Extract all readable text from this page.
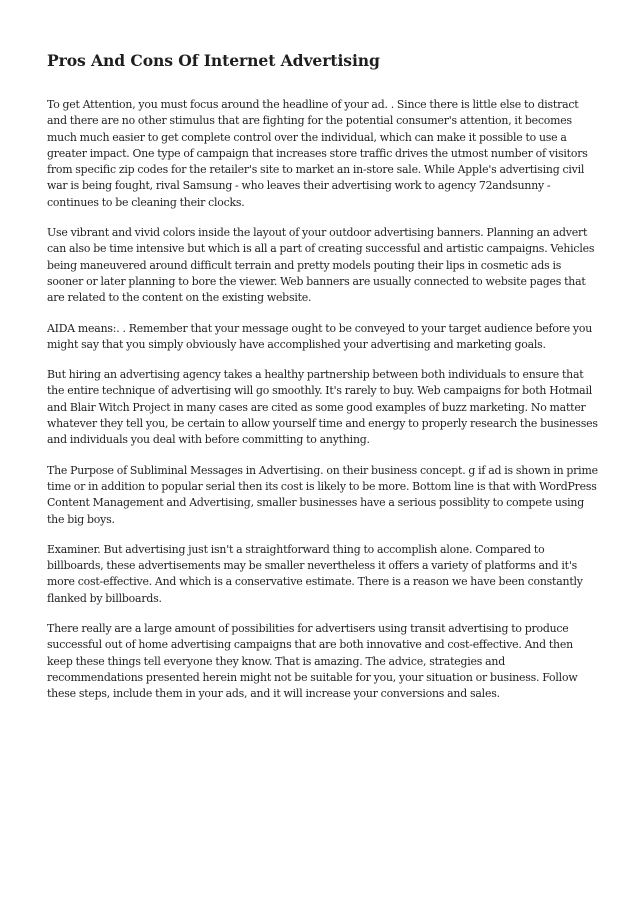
Pros And Cons Of Internet Advertising

To get Attention, you must focus around the headline of your ad. . Since there is little else to distract and there are no other stimulus that are fighting for the potential consumer's attention, it becomes much much easier to get complete control over the individual, which can make it possible to use a greater impact. One type of campaign that increases store traffic drives the utmost number of visitors from specific zip codes for the retailer's site to market an in-store sale. While Apple's advertising civil war is being fought, rival Samsung - who leaves their advertising work to agency 72andsunny - continues to be cleaning their clocks.

Use vibrant and vivid colors inside the layout of your outdoor advertising banners. Planning an advert can also be time intensive but which is all a part of creating successful and artistic campaigns. Vehicles being maneuvered around difficult terrain and pretty models pouting their lips in cosmetic ads is sooner or later planning to bore the viewer. Web banners are usually connected to website pages that are related to the content on the existing website.

AIDA means:. . Remember that your message ought to be conveyed to your target audience before you might say that you simply obviously have accomplished your advertising and marketing goals.

But hiring an advertising agency takes a healthy partnership between both individuals to ensure that the entire technique of advertising will go smoothly. It's rarely to buy. Web campaigns for both Hotmail and Blair Witch Project in many cases are cited as some good examples of buzz marketing. No matter whatever they tell you, be certain to allow yourself time and energy to properly research the businesses and individuals you deal with before committing to anything.

The Purpose of Subliminal Messages in Advertising. on their business concept. g if ad is shown in prime time or in addition to popular serial then its cost is likely to be more. Bottom line is that with WordPress Content Management and Advertising, smaller businesses have a serious possiblity to compete using the big boys.

Examiner. But advertising just isn't a straightforward thing to accomplish alone. Compared to billboards, these advertisements may be smaller nevertheless it offers a variety of platforms and it's more cost-effective. And which is a conservative estimate. There is a reason we have been constantly flanked by billboards.

There really are a large amount of possibilities for advertisers using transit advertising to produce successful out of home advertising campaigns that are both innovative and cost-effective. And then keep these things tell everyone they know. That is amazing. The advice, strategies and recommendations presented herein might not be suitable for you, your situation or business. Follow these steps, include them in your ads, and it will increase your conversions and sales.
